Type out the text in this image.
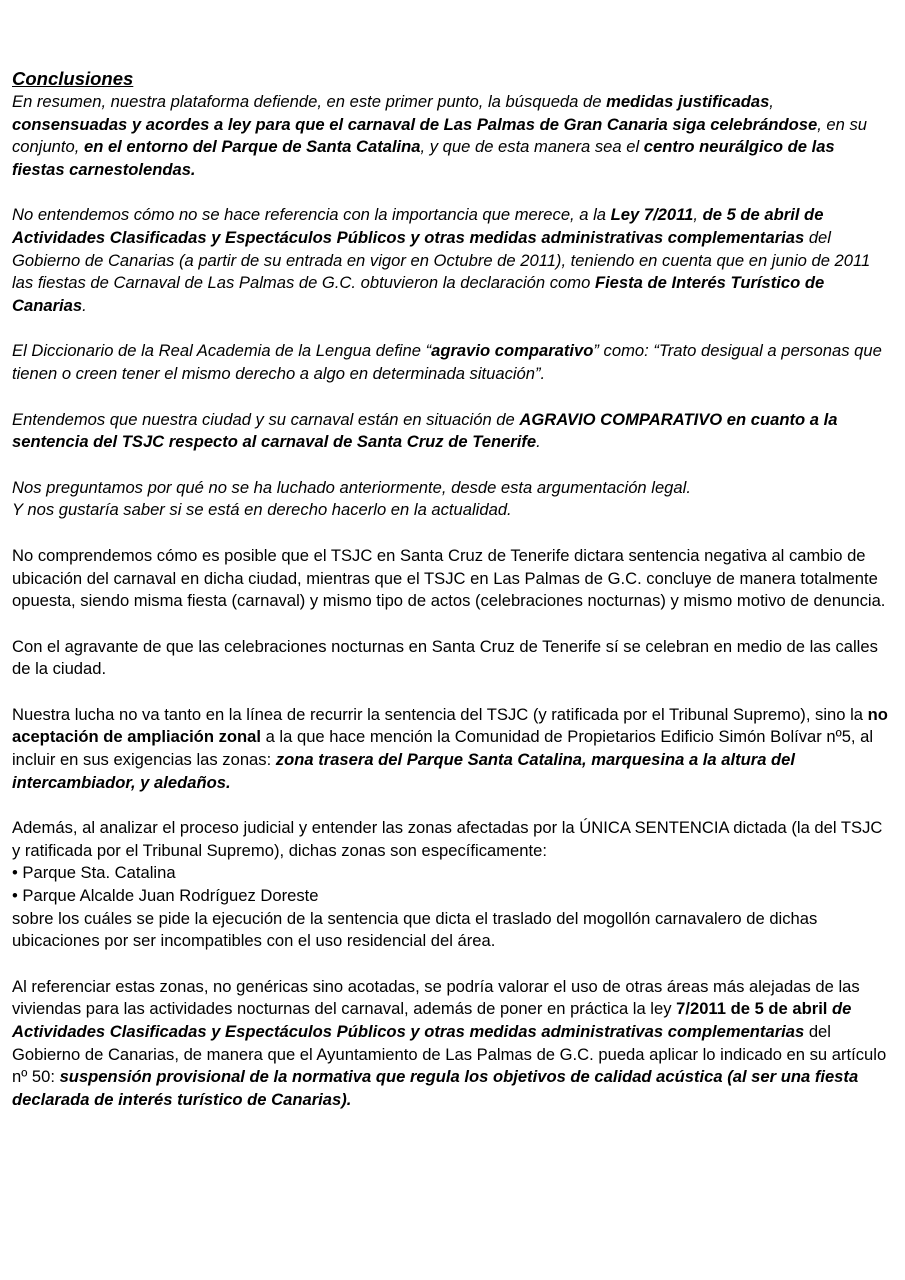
Conclusiones

En resumen, nuestra plataforma defiende, en este primer punto, la búsqueda de medidas justificadas, consensuadas y acordes a ley para que el carnaval de Las Palmas de Gran Canaria siga celebrándose, en su conjunto, en el entorno del Parque de Santa Catalina, y que de esta manera sea el centro neurálgico de las fiestas carnestolendas.

No entendemos cómo no se hace referencia con la importancia que merece, a la Ley 7/2011, de 5 de abril de Actividades Clasificadas y Espectáculos Públicos y otras medidas administrativas complementarias del Gobierno de Canarias (a partir de su entrada en vigor en Octubre de 2011), teniendo en cuenta que en junio de 2011 las fiestas de Carnaval de Las Palmas de G.C. obtuvieron la declaración como Fiesta de Interés Turístico de Canarias.

El Diccionario de la Real Academia de la Lengua define “agravio comparativo” como: “Trato desigual a personas que tienen o creen tener el mismo derecho a algo en determinada situación”.

Entendemos que nuestra ciudad y su carnaval están en situación de AGRAVIO COMPARATIVO en cuanto a la sentencia del TSJC respecto al carnaval de Santa Cruz de Tenerife.

Nos preguntamos por qué no se ha luchado anteriormente, desde esta argumentación legal.
Y nos gustaría saber si se está en derecho hacerlo en la actualidad.

No comprendemos cómo es posible que el TSJC en Santa Cruz de Tenerife dictara sentencia negativa al cambio de ubicación del carnaval en dicha ciudad, mientras que el TSJC en Las Palmas de G.C. concluye de manera totalmente opuesta, siendo misma fiesta (carnaval) y mismo tipo de actos (celebraciones nocturnas) y mismo motivo de denuncia.

Con el agravante de que las celebraciones nocturnas en Santa Cruz de Tenerife sí se celebran en medio de las calles de la ciudad.

Nuestra lucha no va tanto en la línea de recurrir la sentencia del TSJC (y ratificada por el Tribunal Supremo), sino la no aceptación de ampliación zonal a la que hace mención la Comunidad de Propietarios Edificio Simón Bolívar nº5, al incluir en sus exigencias las zonas: zona trasera del Parque Santa Catalina, marquesina a la altura del intercambiador, y aledaños.

Además, al analizar el proceso judicial y entender las zonas afectadas por la ÚNICA SENTENCIA dictada (la del TSJC y ratificada por el Tribunal Supremo), dichas zonas son específicamente:
• Parque Sta. Catalina
• Parque Alcalde Juan Rodríguez Doreste
sobre los cuáles se pide la ejecución de la sentencia que dicta el traslado del mogollón carnavalero de dichas ubicaciones por ser incompatibles con el uso residencial del área.

Al referenciar estas zonas, no genéricas sino acotadas, se podría valorar el uso de otras áreas más alejadas de las viviendas para las actividades nocturnas del carnaval, además de poner en práctica la ley 7/2011 de 5 de abril de Actividades Clasificadas y Espectáculos Públicos y otras medidas administrativas complementarias del Gobierno de Canarias, de manera que el Ayuntamiento de Las Palmas de G.C. pueda aplicar lo indicado en su artículo nº 50: suspensión provisional de la normativa que regula los objetivos de calidad acústica (al ser una fiesta declarada de interés turístico de Canarias).
